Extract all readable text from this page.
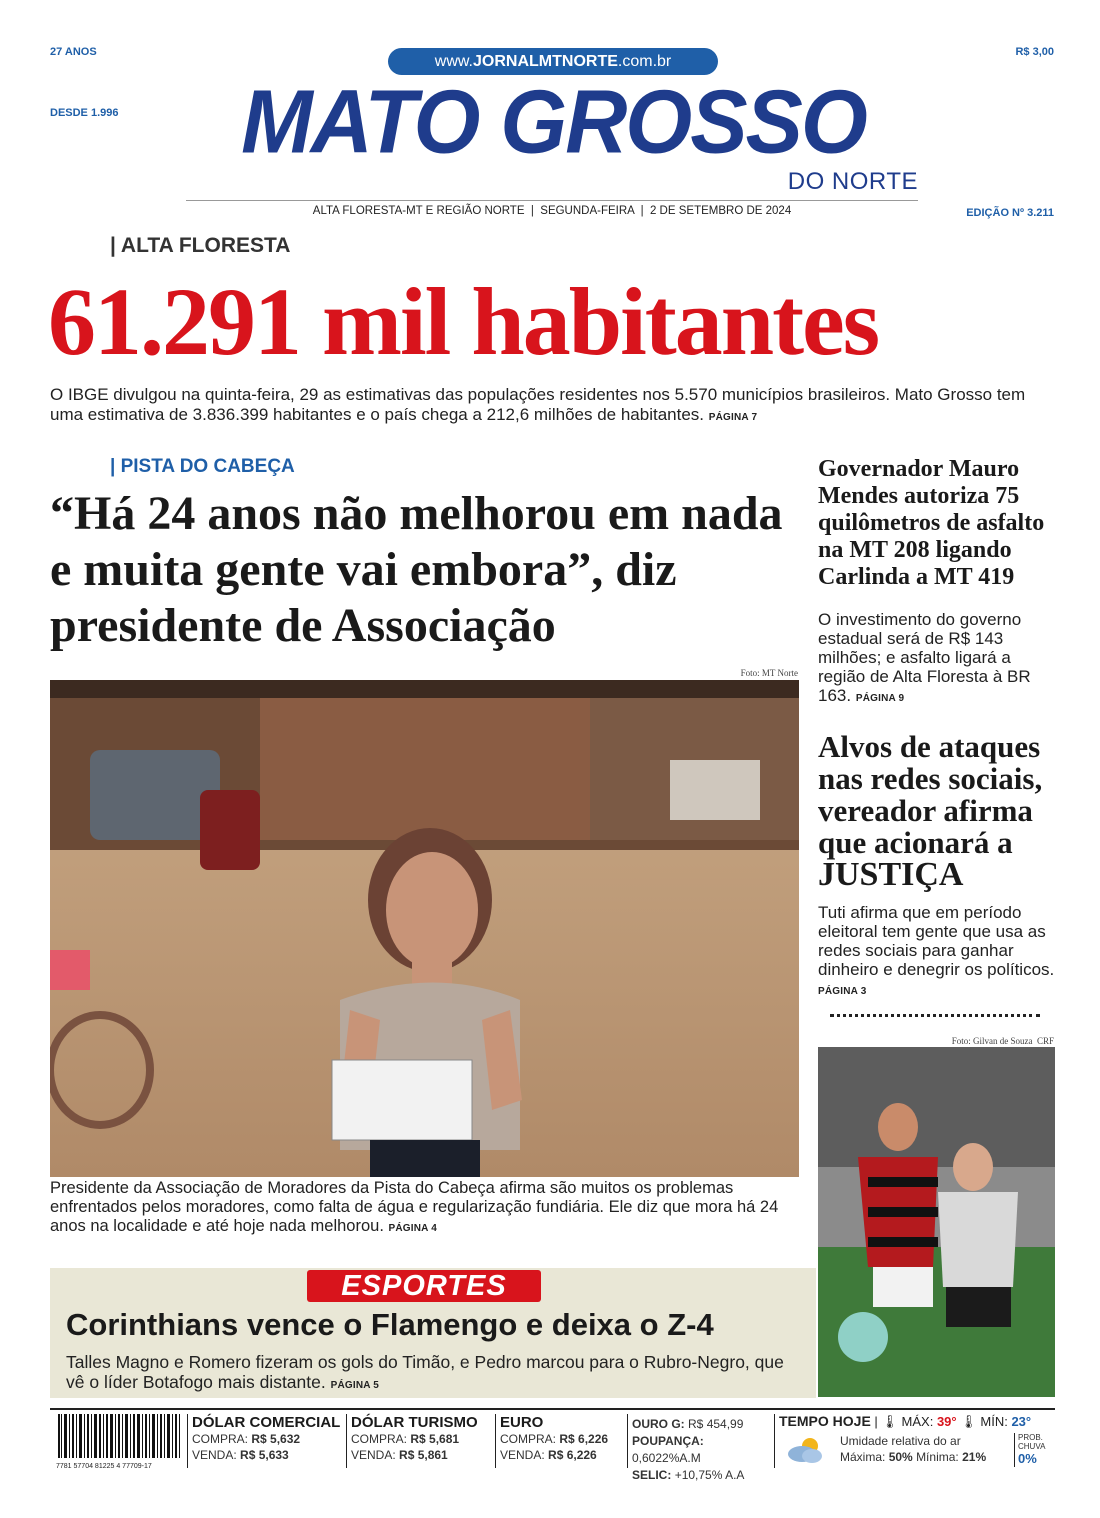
27 ANOS
DESDE 1.996
R$ 3,00
www.JORNALMTNORTE.com.br
MATO GROSSO
DO NORTE
ALTA FLORESTA-MT E REGIÃO NORTE  |  SEGUNDA-FEIRA  |  2 DE SETEMBRO DE 2024	EDIÇÃO Nº 3.211
| ALTA FLORESTA
61.291 mil habitantes
O IBGE divulgou na quinta-feira, 29 as estimativas das populações residentes nos 5.570 municípios brasileiros. Mato Grosso tem uma estimativa de 3.836.399 habitantes e o país chega a 212,6 milhões de habitantes. PÁGINA 7
| PISTA DO CABEÇA
“Há 24 anos não melhorou em nada e muita gente vai embora”, diz presidente de Associação
Foto: MT Norte
Presidente da Associação de Moradores da Pista do Cabeça afirma são muitos os problemas enfrentados pelos moradores, como falta de água e regularização fundiária. Ele diz que mora há 24 anos na localidade e até hoje nada melhorou. PÁGINA 4
Governador Mauro Mendes autoriza 75 quilômetros de asfalto na MT 208 ligando Carlinda a MT 419
O investimento do governo estadual será de R$ 143 milhões; e asfalto ligará a região de Alta Floresta à BR 163. PÁGINA 9
Alvos de ataques nas redes sociais, vereador afirma que acionará a JUSTIÇA
Tuti afirma que em período eleitoral tem gente que usa as redes sociais para ganhar dinheiro e denegrir os políticos. PÁGINA 3
Foto: Gilvan de Souza  CRF
ESPORTES
Corinthians vence o Flamengo e deixa o Z-4
Talles Magno e Romero fizeram os gols do Timão, e Pedro marcou para o Rubro-Negro, que vê o líder Botafogo mais distante. PÁGINA 5
7781 57704 81225 4 77709-17
DÓLAR COMERCIAL
COMPRA: R$ 5,632
VENDA: R$ 5,633
DÓLAR TURISMO
COMPRA: R$ 5,681
VENDA: R$ 5,861
EURO
COMPRA: R$ 6,226
VENDA: R$ 6,226
OURO G: R$ 454,99
POUPANÇA: 0,6022%A.M
SELIC: +10,75% A.A
TEMPO HOJE | 🌡 MÁX: 39° 🌡 MÍN: 23°
Umidade relativa do ar
Máxima: 50% Mínima: 21%
PROB. CHUVA
0%
